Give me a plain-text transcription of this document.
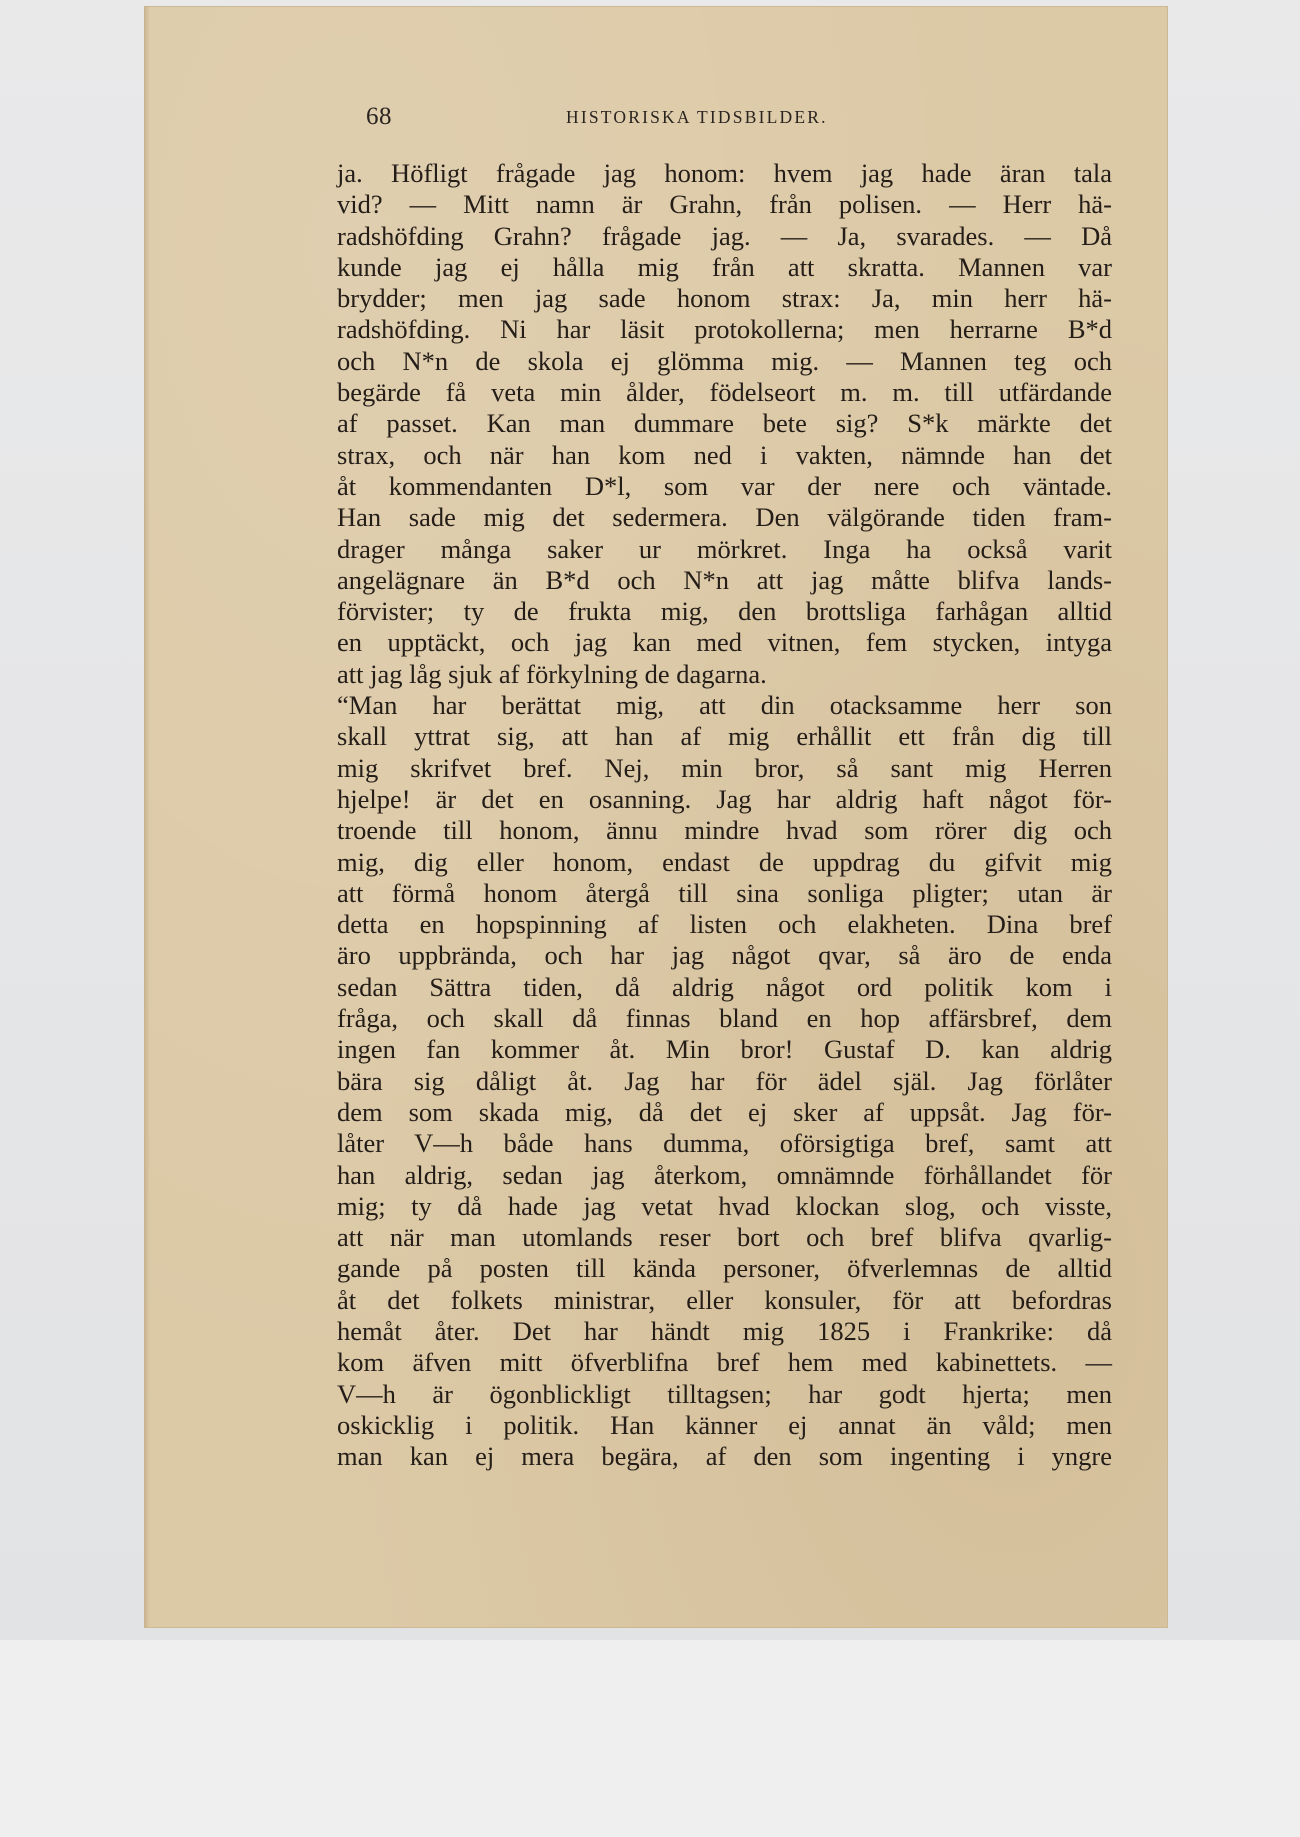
68	HISTORISKA TIDSBILDER.
ja. Höfligt frågade jag honom: hvem jag hade äran tala
vid? — Mitt namn är Grahn, från polisen. — Herr hä-
radshöfding Grahn? frågade jag. — Ja, svarades. — Då
kunde jag ej hålla mig från att skratta. Mannen var
brydder; men jag sade honom strax: Ja, min herr hä-
radshöfding. Ni har läsit protokollerna; men herrarne B*d
och N*n de skola ej glömma mig. — Mannen teg och
begärde få veta min ålder, födelseort m. m. till utfärdande
af passet. Kan man dummare bete sig? S*k märkte det
strax, och när han kom ned i vakten, nämnde han det
åt kommendanten D*l, som var der nere och väntade.
Han sade mig det sedermera. Den välgörande tiden fram-
drager många saker ur mörkret. Inga ha också varit
angelägnare än B*d och N*n att jag måtte blifva lands-
förvister; ty de frukta mig, den brottsliga farhågan alltid
en upptäckt, och jag kan med vitnen, fem stycken, intyga
att jag låg sjuk af förkylning de dagarna.
“Man har berättat mig, att din otacksamme herr son
skall yttrat sig, att han af mig erhållit ett från dig till
mig skrifvet bref. Nej, min bror, så sant mig Herren
hjelpe! är det en osanning. Jag har aldrig haft något för-
troende till honom, ännu mindre hvad som rörer dig och
mig, dig eller honom, endast de uppdrag du gifvit mig
att förmå honom återgå till sina sonliga pligter; utan är
detta en hopspinning af listen och elakheten. Dina bref
äro uppbrända, och har jag något qvar, så äro de enda
sedan Sättra tiden, då aldrig något ord politik kom i
fråga, och skall då finnas bland en hop affärsbref, dem
ingen fan kommer åt. Min bror! Gustaf D. kan aldrig
bära sig dåligt åt. Jag har för ädel själ. Jag förlåter
dem som skada mig, då det ej sker af uppsåt. Jag för-
låter V—h både hans dumma, oförsigtiga bref, samt att
han aldrig, sedan jag återkom, omnämnde förhållandet för
mig; ty då hade jag vetat hvad klockan slog, och visste,
att när man utomlands reser bort och bref blifva qvarlig-
gande på posten till kända personer, öfverlemnas de alltid
åt det folkets ministrar, eller konsuler, för att befordras
hemåt åter. Det har händt mig 1825 i Frankrike: då
kom äfven mitt öfverblifna bref hem med kabinettets. —
V—h är ögonblickligt tilltagsen; har godt hjerta; men
oskicklig i politik. Han känner ej annat än våld; men
man kan ej mera begära, af den som ingenting i yngre
